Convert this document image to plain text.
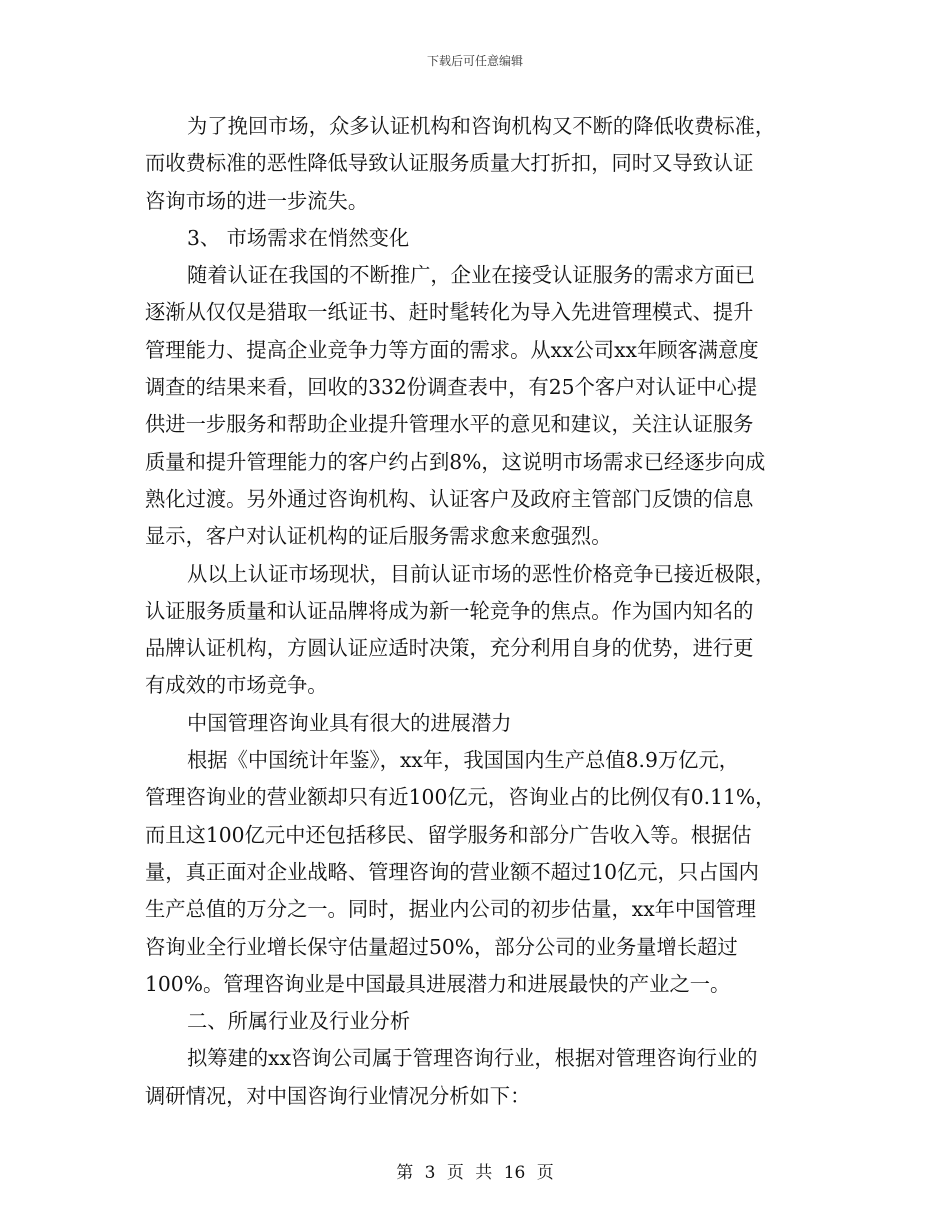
下载后可任意编辑
为了挽回市场，众多认证机构和咨询机构又不断的降低收费标准，
而收费标准的恶性降低导致认证服务质量大打折扣，同时又导致认证
咨询市场的进一步流失。
3、 市场需求在悄然变化
随着认证在我国的不断推广，企业在接受认证服务的需求方面已
逐渐从仅仅是猎取一纸证书、赶时髦转化为导入先进管理模式、提升
管理能力、提高企业竞争力等方面的需求。从xx公司xx年顾客满意度
调查的结果来看，回收的332份调查表中，有25个客户对认证中心提
供进一步服务和帮助企业提升管理水平的意见和建议，关注认证服务
质量和提升管理能力的客户约占到8%，这说明市场需求已经逐步向成
熟化过渡。另外通过咨询机构、认证客户及政府主管部门反馈的信息
显示，客户对认证机构的证后服务需求愈来愈强烈。
从以上认证市场现状，目前认证市场的恶性价格竞争已接近极限，
认证服务质量和认证品牌将成为新一轮竞争的焦点。作为国内知名的
品牌认证机构，方圆认证应适时决策，充分利用自身的优势，进行更
有成效的市场竞争。
中国管理咨询业具有很大的进展潜力
根据《中国统计年鉴》，xx年，我国国内生产总值8.9万亿元，
管理咨询业的营业额却只有近100亿元，咨询业占的比例仅有0.11%，
而且这100亿元中还包括移民、留学服务和部分广告收入等。根据估
量，真正面对企业战略、管理咨询的营业额不超过10亿元，只占国内
生产总值的万分之一。同时，据业内公司的初步估量，xx年中国管理
咨询业全行业增长保守估量超过50%，部分公司的业务量增长超过
100%。管理咨询业是中国最具进展潜力和进展最快的产业之一。
二、所属行业及行业分析
拟筹建的xx咨询公司属于管理咨询行业，根据对管理咨询行业的
调研情况，对中国咨询行业情况分析如下：
第 3 页 共 16 页
